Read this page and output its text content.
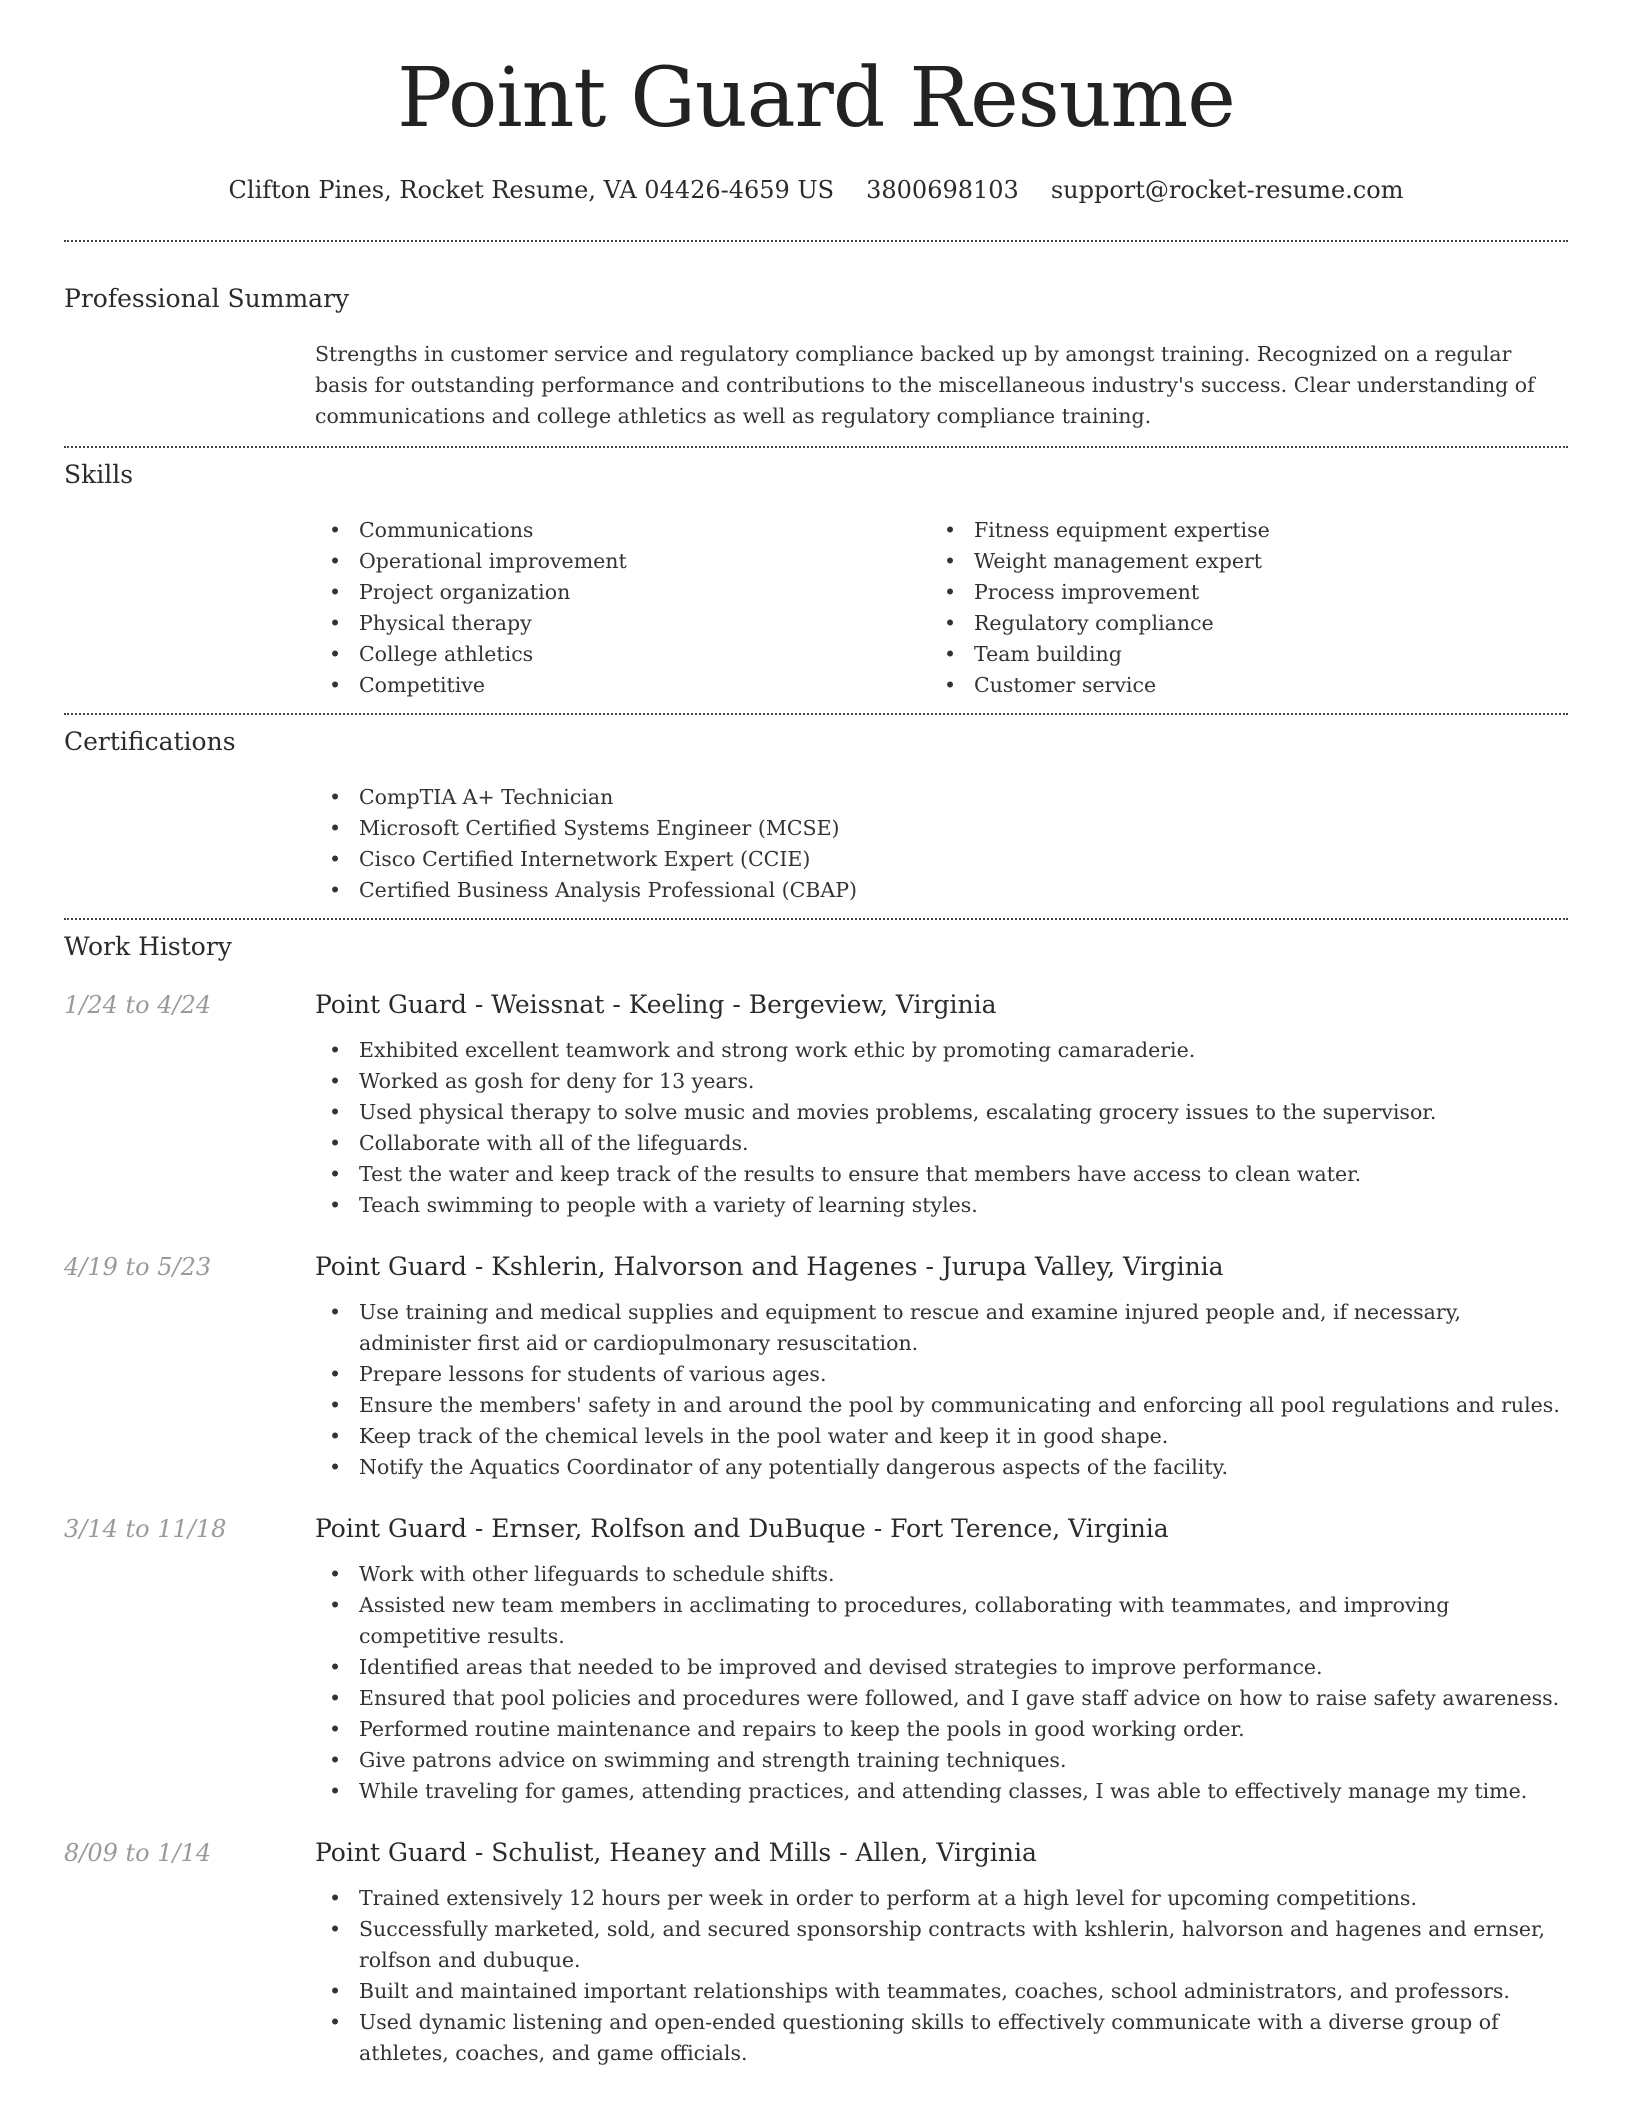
Point Guard Resume
Clifton Pines, Rocket Resume, VA 04426-4659 US 3800698103 support@rocket-resume.com
Professional Summary

Strengths in customer service and regulatory compliance backed up by amongst training. Recognized on a regular basis for outstanding performance and contributions to the miscellaneous industry's success. Clear understanding of communications and college athletics as well as regulatory compliance training.

Skills
• Communications
• Operational improvement
• Project organization
• Physical therapy
• College athletics
• Competitive
• Fitness equipment expertise
• Weight management expert
• Process improvement
• Regulatory compliance
• Team building
• Customer service
Certifications
• CompTIA A+ Technician
• Microsoft Certified Systems Engineer (MCSE)
• Cisco Certified Internetwork Expert (CCIE)
• Certified Business Analysis Professional (CBAP)
Work History
1/24 to 4/24	Point Guard - Weissnat - Keeling - Bergeview, Virginia
• Exhibited excellent teamwork and strong work ethic by promoting camaraderie.
• Worked as gosh for deny for 13 years.
• Used physical therapy to solve music and movies problems, escalating grocery issues to the supervisor.
• Collaborate with all of the lifeguards.
• Test the water and keep track of the results to ensure that members have access to clean water.
• Teach swimming to people with a variety of learning styles.
4/19 to 5/23	Point Guard - Kshlerin, Halvorson and Hagenes - Jurupa Valley, Virginia
• Use training and medical supplies and equipment to rescue and examine injured people and, if necessary, administer first aid or cardiopulmonary resuscitation.
• Prepare lessons for students of various ages.
• Ensure the members' safety in and around the pool by communicating and enforcing all pool regulations and rules.
• Keep track of the chemical levels in the pool water and keep it in good shape.
• Notify the Aquatics Coordinator of any potentially dangerous aspects of the facility.
3/14 to 11/18	Point Guard - Ernser, Rolfson and DuBuque - Fort Terence, Virginia
• Work with other lifeguards to schedule shifts.
• Assisted new team members in acclimating to procedures, collaborating with teammates, and improving competitive results.
• Identified areas that needed to be improved and devised strategies to improve performance.
• Ensured that pool policies and procedures were followed, and I gave staff advice on how to raise safety awareness.
• Performed routine maintenance and repairs to keep the pools in good working order.
• Give patrons advice on swimming and strength training techniques.
• While traveling for games, attending practices, and attending classes, I was able to effectively manage my time.
8/09 to 1/14	Point Guard - Schulist, Heaney and Mills - Allen, Virginia
• Trained extensively 12 hours per week in order to perform at a high level for upcoming competitions.
• Successfully marketed, sold, and secured sponsorship contracts with kshlerin, halvorson and hagenes and ernser, rolfson and dubuque.
• Built and maintained important relationships with teammates, coaches, school administrators, and professors.
• Used dynamic listening and open-ended questioning skills to effectively communicate with a diverse group of athletes, coaches, and game officials.
